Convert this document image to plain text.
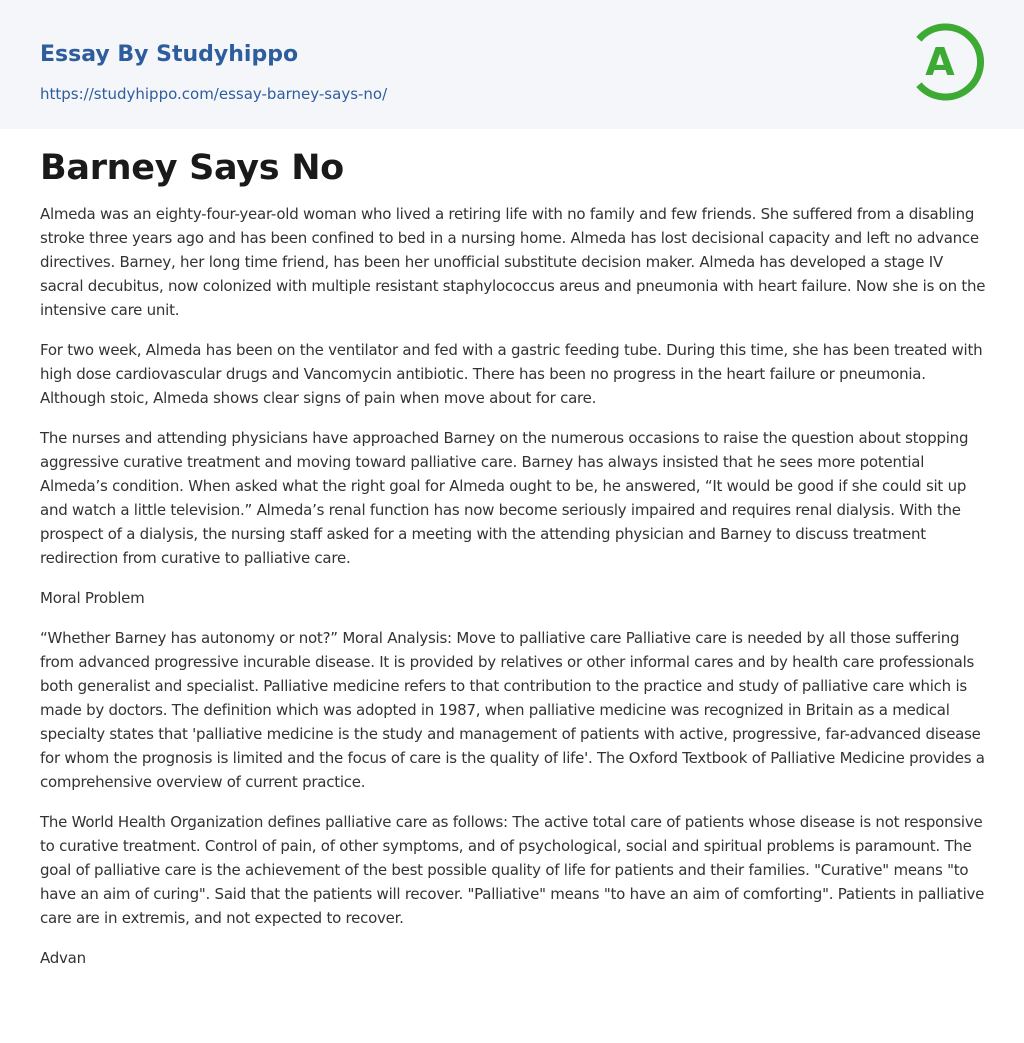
Essay By Studyhippo
https://studyhippo.com/essay-barney-says-no/
A
Barney Says No

Almeda was an eighty-four-year-old woman who lived a retiring life with no family and few friends. She suffered from a disabling stroke three years ago and has been confined to bed in a nursing home. Almeda has lost decisional capacity and left no advance directives. Barney, her long time friend, has been her unofficial substitute decision maker. Almeda has developed a stage IV sacral decubitus, now colonized with multiple resistant staphylococcus areus and pneumonia with heart failure. Now she is on the intensive care unit.

For two week, Almeda has been on the ventilator and fed with a gastric feeding tube. During this time, she has been treated with high dose cardiovascular drugs and Vancomycin antibiotic. There has been no progress in the heart failure or pneumonia. Although stoic, Almeda shows clear signs of pain when move about for care.

The nurses and attending physicians have approached Barney on the numerous occasions to raise the question about stopping aggressive curative treatment and moving toward palliative care. Barney has always insisted that he sees more potential Almeda’s condition. When asked what the right goal for Almeda ought to be, he answered, “It would be good if she could sit up and watch a little television.” Almeda’s renal function has now become seriously impaired and requires renal dialysis. With the prospect of a dialysis, the nursing staff asked for a meeting with the attending physician and Barney to discuss treatment redirection from curative to palliative care.

Moral Problem

“Whether Barney has autonomy or not?” Moral Analysis: Move to palliative care Palliative care is needed by all those suffering from advanced progressive incurable disease. It is provided by relatives or other informal cares and by health care professionals both generalist and specialist. Palliative medicine refers to that contribution to the practice and study of palliative care which is made by doctors. The definition which was adopted in 1987, when palliative medicine was recognized in Britain as a medical specialty states that 'palliative medicine is the study and management of patients with active, progressive, far-advanced disease for whom the prognosis is limited and the focus of care is the quality of life'. The Oxford Textbook of Palliative Medicine provides a comprehensive overview of current practice.

The World Health Organization defines palliative care as follows: The active total care of patients whose disease is not responsive to curative treatment. Control of pain, of other symptoms, and of psychological, social and spiritual problems is paramount. The goal of palliative care is the achievement of the best possible quality of life for patients and their families. "Curative" means "to have an aim of curing". Said that the patients will recover. "Palliative" means "to have an aim of comforting". Patients in palliative care are in extremis, and not expected to recover.

Advan
